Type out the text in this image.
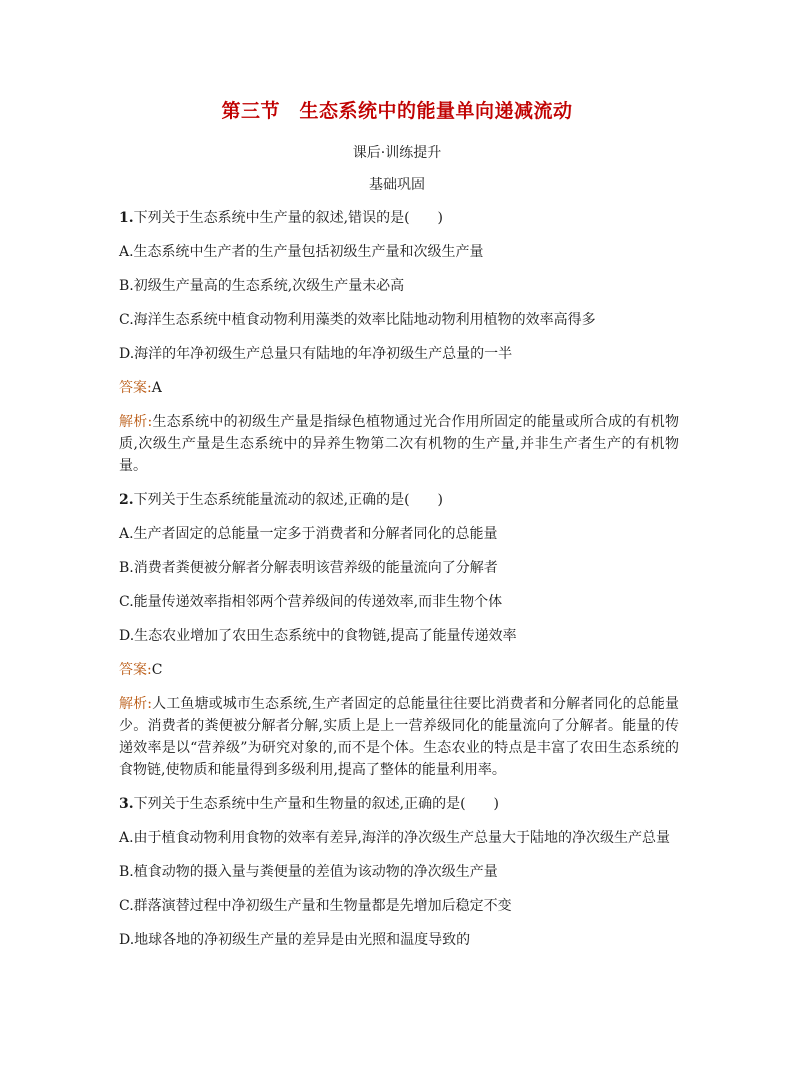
第三节　生态系统中的能量单向递减流动
课后·训练提升
基础巩固

1.下列关于生态系统中生产量的叙述,错误的是(　　)

A.生态系统中生产者的生产量包括初级生产量和次级生产量

B.初级生产量高的生态系统,次级生产量未必高

C.海洋生态系统中植食动物利用藻类的效率比陆地动物利用植物的效率高得多

D.海洋的年净初级生产总量只有陆地的年净初级生产总量的一半

答案:A

解析:生态系统中的初级生产量是指绿色植物通过光合作用所固定的能量或所合成的有机物质,次级生产量是生态系统中的异养生物第二次有机物的生产量,并非生产者生产的有机物量。

2.下列关于生态系统能量流动的叙述,正确的是(　　)

A.生产者固定的总能量一定多于消费者和分解者同化的总能量

B.消费者粪便被分解者分解表明该营养级的能量流向了分解者

C.能量传递效率指相邻两个营养级间的传递效率,而非生物个体

D.生态农业增加了农田生态系统中的食物链,提高了能量传递效率

答案:C

解析:人工鱼塘或城市生态系统,生产者固定的总能量往往要比消费者和分解者同化的总能量少。消费者的粪便被分解者分解,实质上是上一营养级同化的能量流向了分解者。能量的传递效率是以“营养级”为研究对象的,而不是个体。生态农业的特点是丰富了农田生态系统的食物链,使物质和能量得到多级利用,提高了整体的能量利用率。

3.下列关于生态系统中生产量和生物量的叙述,正确的是(　　)

A.由于植食动物利用食物的效率有差异,海洋的净次级生产总量大于陆地的净次级生产总量

B.植食动物的摄入量与粪便量的差值为该动物的净次级生产量

C.群落演替过程中净初级生产量和生物量都是先增加后稳定不变

D.地球各地的净初级生产量的差异是由光照和温度导致的
